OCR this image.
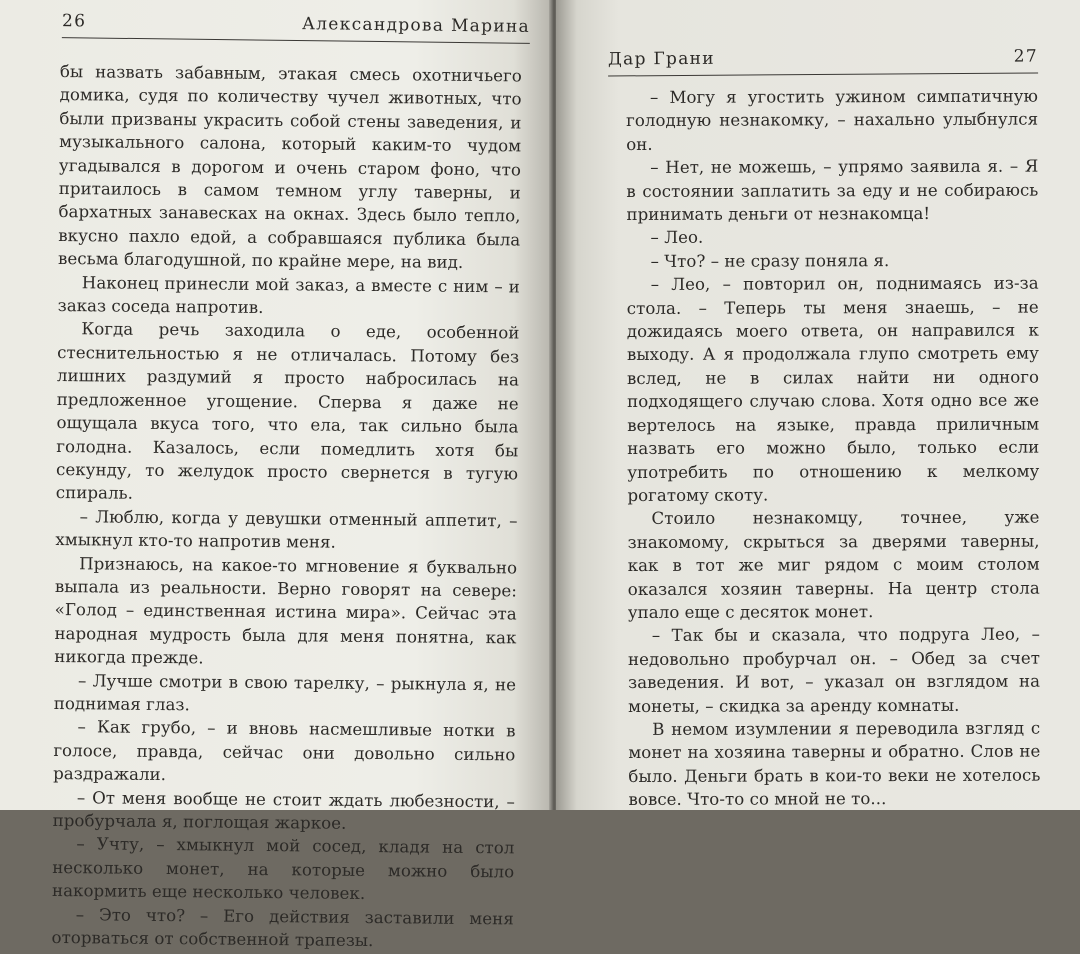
26	Александрова Марина

бы назвать забавным, этакая смесь охотничьего домика, судя по количеству чучел животных, что были призваны украсить собой стены заведения, и музыкального салона, который каким-то чудом угадывался в дорогом и очень старом фоно, что притаилось в самом темном углу таверны, и бархатных занавесках на окнах. Здесь было тепло, вкусно пахло едой, а собравшаяся публика была весьма благодушной, по крайне мере, на вид.

Наконец принесли мой заказ, а вместе с ним – и заказ соседа напротив.

Когда речь заходила о еде, особенной стеснительностью я не отличалась. Потому без лишних раздумий я просто набросилась на предложенное угощение. Сперва я даже не ощущала вкуса того, что ела, так сильно была голодна. Казалось, если помедлить хотя бы секунду, то желудок просто свернется в тугую спираль.

– Люблю, когда у девушки отменный аппетит, – хмыкнул кто-то напротив меня.

Признаюсь, на какое-то мгновение я буквально выпала из реальности. Верно говорят на севере: «Голод – единственная истина мира». Сейчас эта народная мудрость была для меня понятна, как никогда прежде.

– Лучше смотри в свою тарелку, – рыкнула я, не поднимая глаз.

– Как грубо, – и вновь насмешливые нотки в голосе, правда, сейчас они довольно сильно раздражали.

– От меня вообще не стоит ждать любезности, – пробурчала я, поглощая жаркое.

– Учту, – хмыкнул мой сосед, кладя на стол несколько монет, на которые можно было накормить еще несколько человек.

– Это что? – Его действия заставили меня оторваться от собственной трапезы.

Дар Грани	27

– Могу я угостить ужином симпатичную голодную незнакомку, – нахально улыбнулся он.

– Нет, не можешь, – упрямо заявила я. – Я в состоянии заплатить за еду и не собираюсь принимать деньги от незнакомца!

– Лео.

– Что? – не сразу поняла я.

– Лео, – повторил он, поднимаясь из-за стола. – Теперь ты меня знаешь, – не дожидаясь моего ответа, он направился к выходу. А я продолжала глупо смотреть ему вслед, не в силах найти ни одного подходящего случаю слова. Хотя одно все же вертелось на языке, правда приличным назвать его можно было, только если употребить по отношению к мелкому рогатому скоту.

Стоило незнакомцу, точнее, уже знакомому, скрыться за дверями таверны, как в тот же миг рядом с моим столом оказался хозяин таверны. На центр стола упало еще с десяток монет.

– Так бы и сказала, что подруга Лео, – недовольно пробурчал он. – Обед за счет заведения. И вот, – указал он взглядом на монеты, – скидка за аренду комнаты.

В немом изумлении я переводила взгляд с монет на хозяина таверны и обратно. Слов не было. Деньги брать в кои-то веки не хотелось вовсе. Что-то со мной не то...
